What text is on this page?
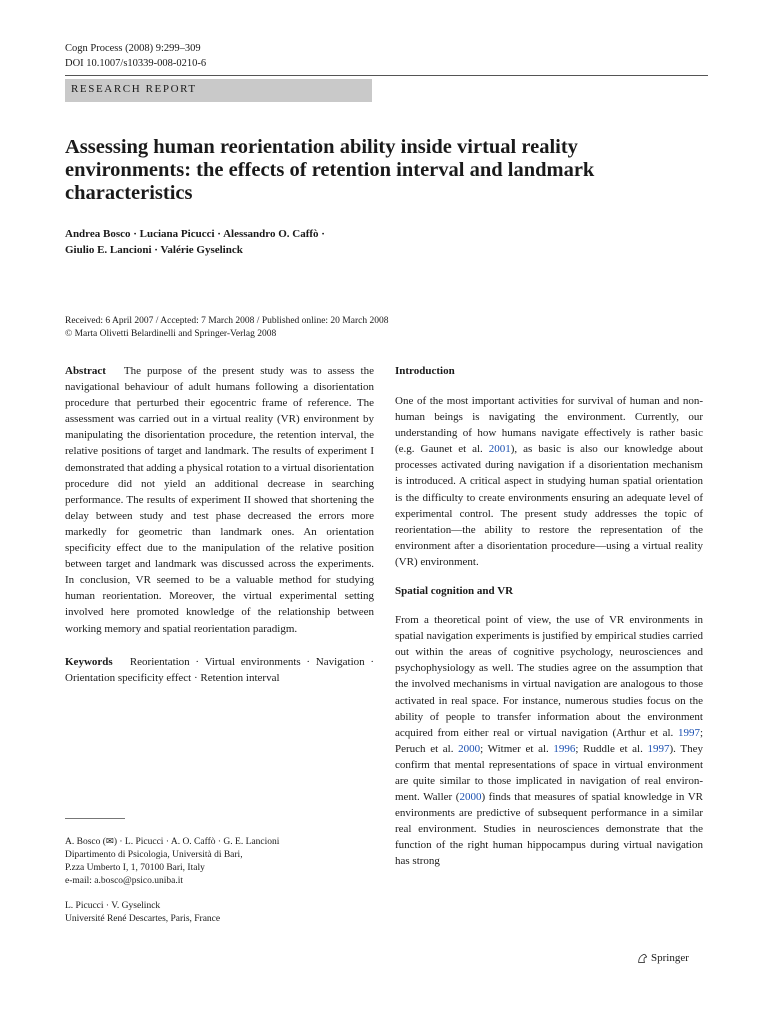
Cogn Process (2008) 9:299–309
DOI 10.1007/s10339-008-0210-6
RESEARCH REPORT
Assessing human reorientation ability inside virtual reality environments: the effects of retention interval and landmark characteristics
Andrea Bosco · Luciana Picucci · Alessandro O. Caffò ·
Giulio E. Lancioni · Valérie Gyselinck
Received: 6 April 2007 / Accepted: 7 March 2008 / Published online: 20 March 2008
© Marta Olivetti Belardinelli and Springer-Verlag 2008

Abstract The purpose of the present study was to assess the navigational behaviour of adult humans following a disorientation procedure that perturbed their egocentric frame of reference. The assessment was carried out in a virtual reality (VR) environment by manipulating the disorientation procedure, the retention interval, the relative positions of target and landmark. The results of experiment I demonstrated that adding a physical rotation to a virtual disorientation procedure did not yield an additional decrease in searching performance. The results of experiment II showed that shortening the delay between study and test phase decreased the errors more markedly for geometric than landmark ones. An orientation specificity effect due to the manipulation of the relative position between target and landmark was discussed across the experiments. In conclusion, VR seemed to be a valuable method for studying human reorientation. Moreover, the virtual experimental setting involved here promoted knowledge of the relationship between working memory and spatial reorientation paradigm.

Keywords Reorientation · Virtual environments · Navigation · Orientation specificity effect · Retention interval

A. Bosco (✉) · L. Picucci · A. O. Caffò · G. E. Lancioni
Dipartimento di Psicologia, Università di Bari,
P.zza Umberto I, 1, 70100 Bari, Italy
e-mail: a.bosco@psico.uniba.it
L. Picucci · V. Gyselinck
Université René Descartes, Paris, France
Introduction

One of the most important activities for survival of human and non-human beings is navigating the environment. Currently, our understanding of how humans navigate effectively is rather basic (e.g. Gaunet et al. 2001), as basic is also our knowledge about processes activated during navigation if a disorientation mechanism is introduced. A critical aspect in studying human spatial orientation is the difficulty to create environments ensuring an adequate level of experimental control. The present study addresses the topic of reorientation—the ability to restore the representation of the environment after a disorientation procedure—using a virtual reality (VR) environment.

Spatial cognition and VR

From a theoretical point of view, the use of VR environments in spatial navigation experiments is justified by empirical studies carried out within the areas of cognitive psychology, neurosciences and psychophysiology as well. The studies agree on the assumption that the involved mechanisms in virtual navigation are analogous to those activated in real space. For instance, numerous studies focus on the ability of people to transfer information about the environment acquired from either real or virtual navigation (Arthur et al. 1997; Peruch et al. 2000; Witmer et al. 1996; Ruddle et al. 1997). They confirm that mental representations of space in virtual environment are quite similar to those implicated in navigation of real environment. Waller (2000) finds that measures of spatial knowledge in VR environments are predictive of subsequent performance in a similar real environment. Studies in neurosciences demonstrate that the function of the right human hippocampus during virtual navigation has strong

Springer
